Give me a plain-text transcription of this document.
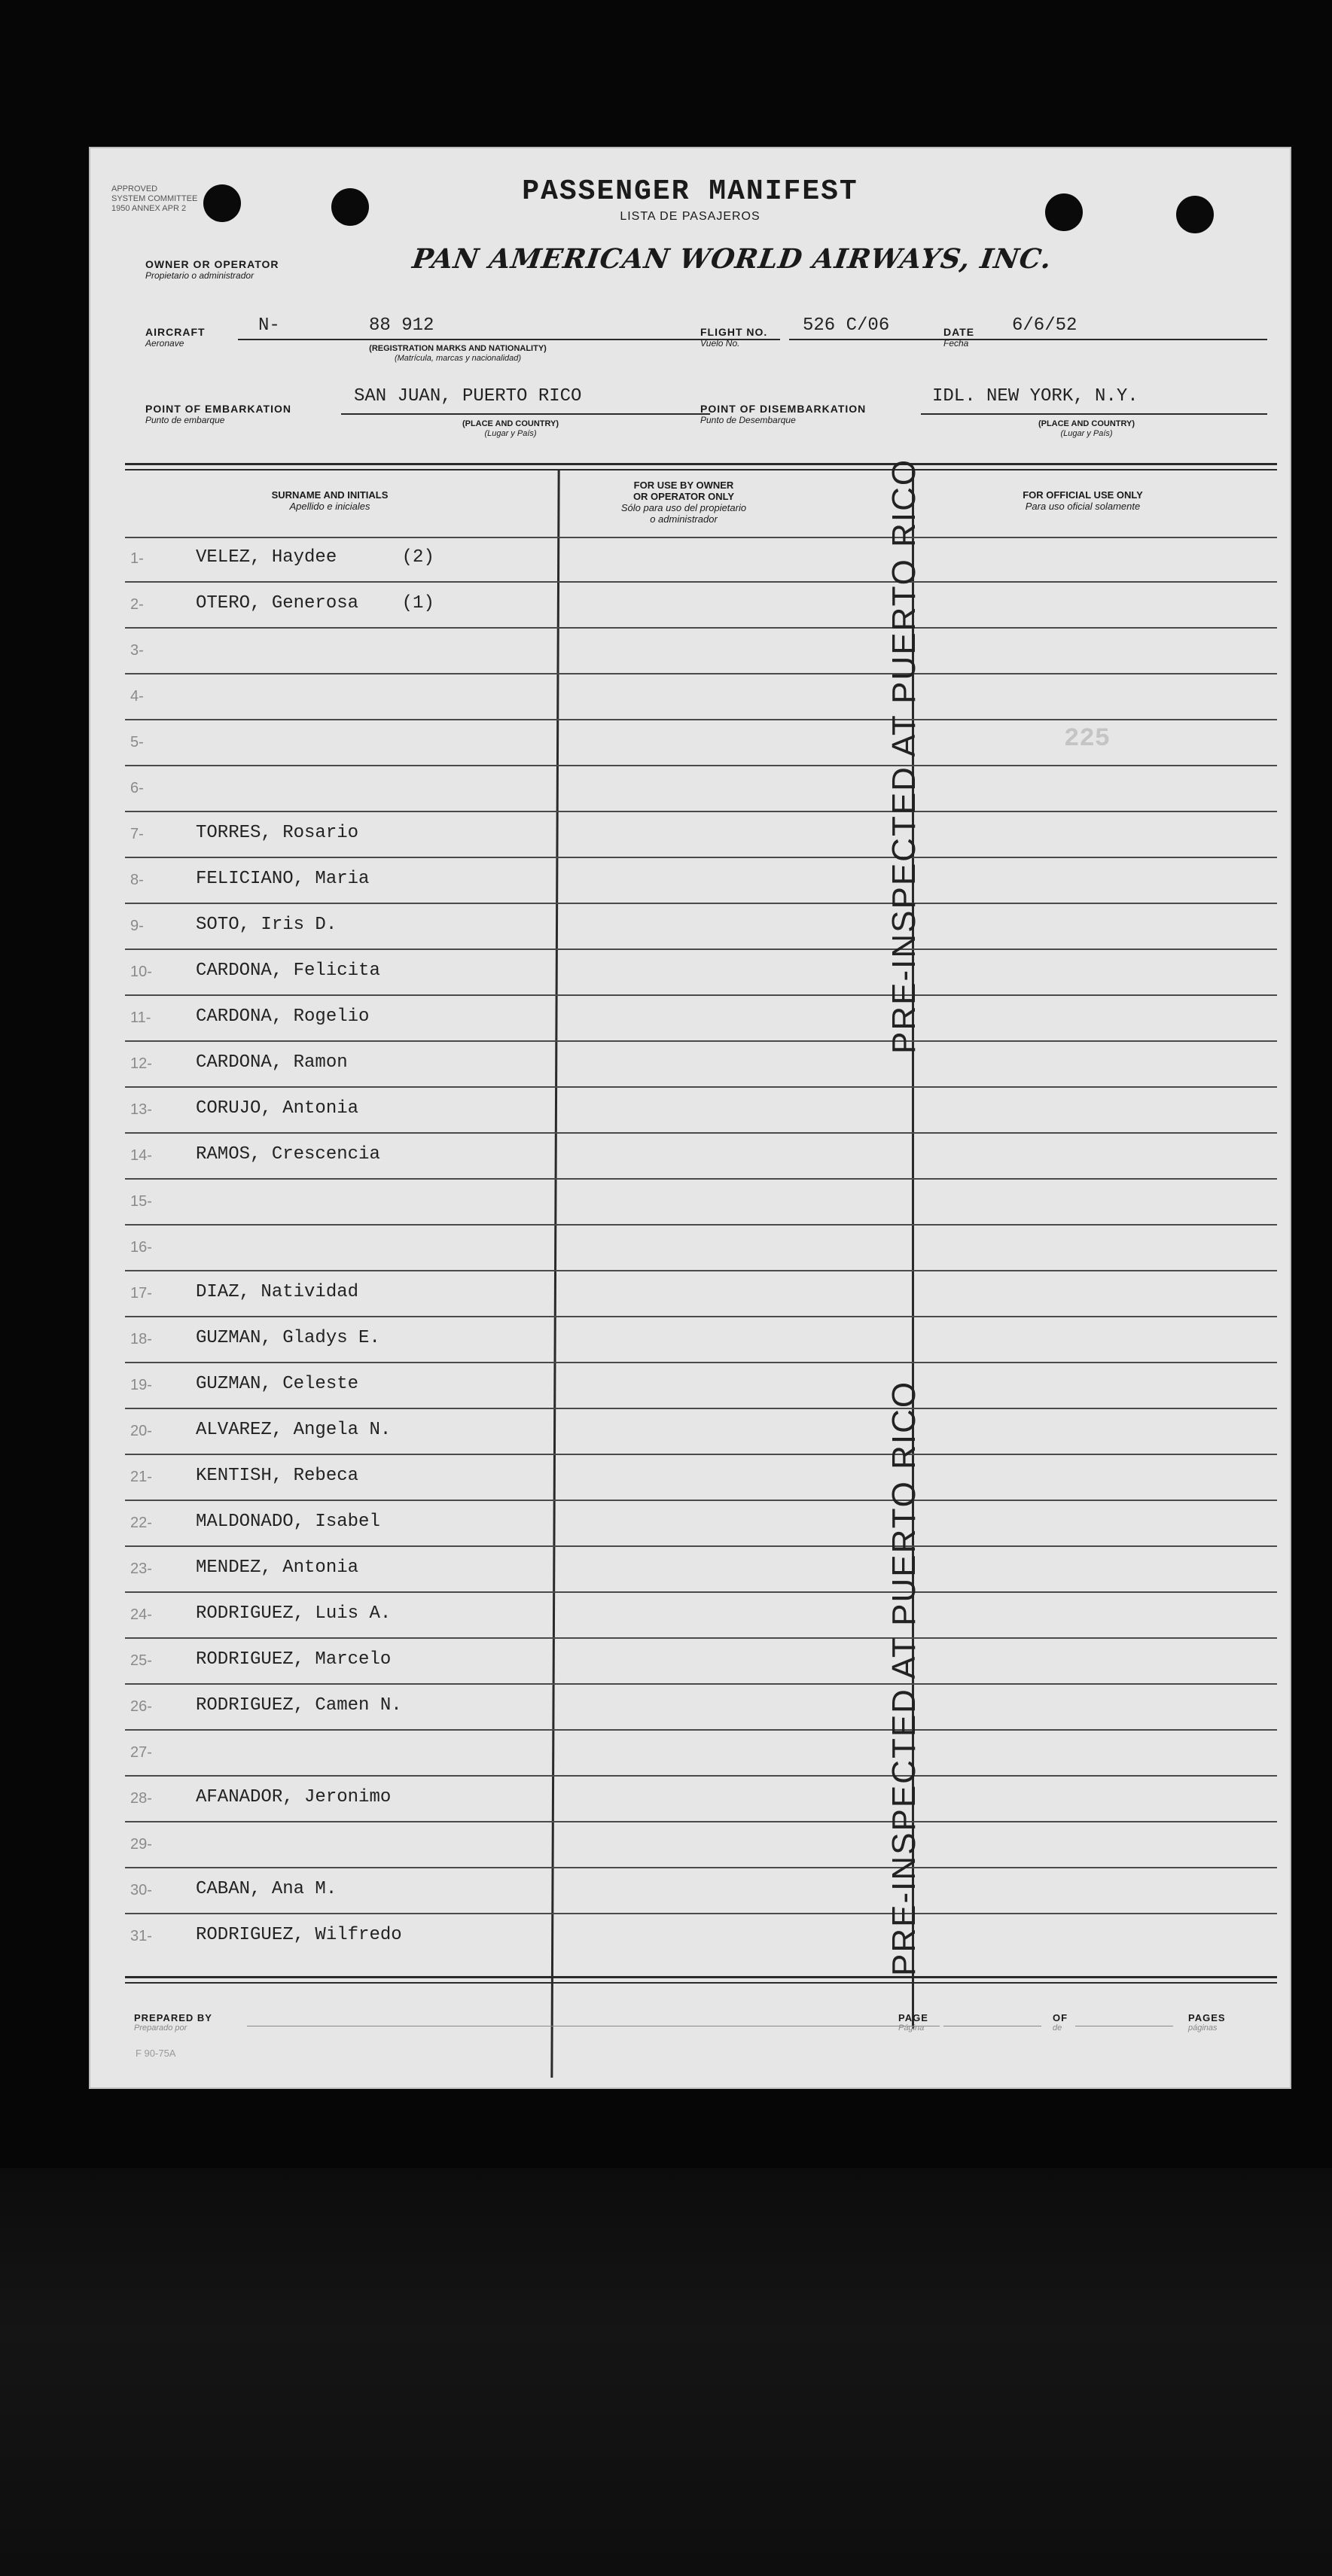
APPROVED
SYSTEM COMMITTEE
1950 ANNEX APR 2
PASSENGER MANIFEST
LISTA DE PASAJEROS
OWNER OR OPERATOR
Propietario o administrador
PAN AMERICAN WORLD AIRWAYS, INC.
AIRCRAFT
Aeronave
N-	88 912
(REGISTRATION MARKS AND NATIONALITY)
(Matrícula, marcas y nacionalidad)
FLIGHT NO.
Vuelo No.
526 C/06	DATE
Fecha
6/6/52
POINT OF EMBARKATION
Punto de embarque
SAN JUAN, PUERTO RICO
(PLACE AND COUNTRY)
(Lugar y País)
POINT OF DISEMBARKATION
Punto de Desembarque
IDL. NEW YORK, N.Y.
(PLACE AND COUNTRY)
(Lugar y País)
SURNAME AND INITIALS
Apellido e iniciales
FOR USE BY OWNER
OR OPERATOR ONLY
Sólo para uso del propietario
o administrador
FOR OFFICIAL USE ONLY
Para uso oficial solamente
1-	VELEZ, Haydee      (2)
2-	OTERO, Generosa    (1)
3-
4-
5-
6-
7-	TORRES, Rosario
8-	FELICIANO, Maria
9-	SOTO, Iris D.
10- CARDONA, Felicita
11- CARDONA, Rogelio
12- CARDONA, Ramon
13- CORUJO, Antonia
14- RAMOS, Crescencia
15-
16-
17- DIAZ, Natividad
18- GUZMAN, Gladys E.
19- GUZMAN, Celeste
20- ALVAREZ, Angela N.
21- KENTISH, Rebeca
22- MALDONADO, Isabel
23- MENDEZ, Antonia
24- RODRIGUEZ, Luis A.
25- RODRIGUEZ, Marcelo
26- RODRIGUEZ, Camen N.
27-
28- AFANADOR, Jeronimo
29-
30- CABAN, Ana M.
31- RODRIGUEZ, Wilfredo
PRE-INSPECTED AT PUERTO RICO
PRE-INSPECTED AT PUERTO RICO
225
PREPARED BY
Preparado por
F 90-75A
PAGE
Página
OF
de
PAGES
páginas
